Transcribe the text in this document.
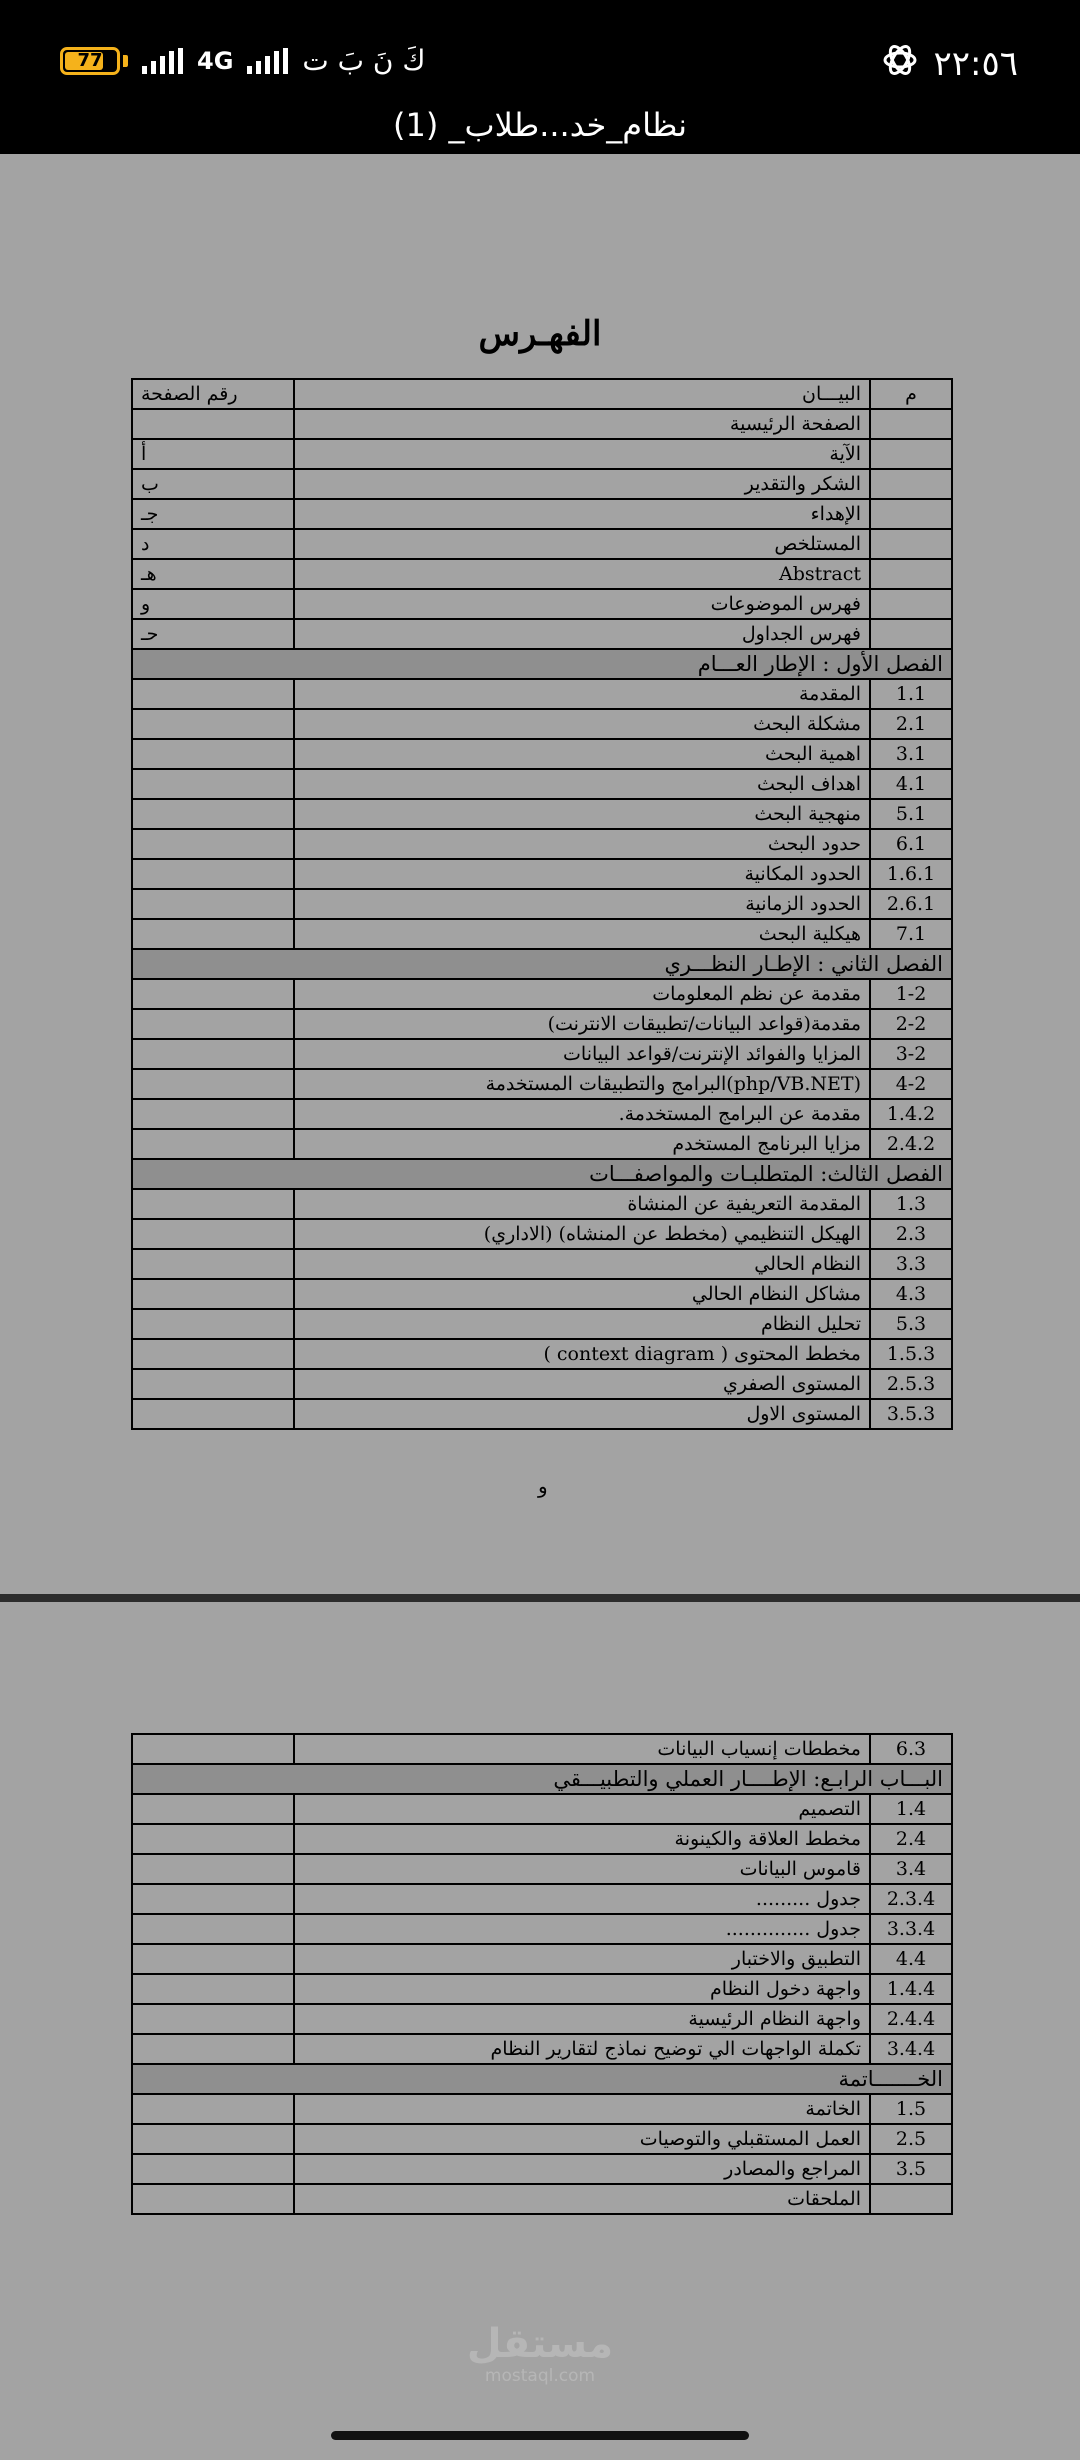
77	4G كَ نَ بَ ت	٢٢:٥٦
نظام_خد...طلاب_ (1)
الفهـرس
م	البيـــان	رقم الصفحة
	الصفحة الرئيسية	
	الآية	أ
	الشكر والتقدير	ب
	الإهداء	جـ
	المستلخص	د
	Abstract	هـ
	فهرس الموضوعات	و
	فهرس الجداول	حـ
الفصل الأول : الإطار العـــام		
1.1	المقدمة	
2.1	مشكلة البحث	
3.1	اهمية البحث	
4.1	اهداف البحث	
5.1	منهجية البحث	
6.1	حدود البحث	
1.6.1	الحدود المكانية	
2.6.1	الحدود الزمانية	
7.1	هيكلية البحث	
الفصل الثاني : الإطـار النظـــري		
1-2	مقدمة عن نظم المعلومات	
2-2	مقدمة(قواعد البيانات/تطبيقات الانترنت)	
3-2	المزايا والفوائد الإنترنت/قواعد البيانات	
4-2	(php/VB.NET)البرامج والتطبيقات المستخدمة	
1.4.2	مقدمة عن البرامج المستخدمة.	
2.4.2	مزايا البرنامج المستخدم	
الفصل الثالث: المتطلبـات والمواصفـــات		
1.3	المقدمة التعريفية عن المنشاة	
2.3	الهيكل التنظيمي (مخطط عن المنشاه) (الاداري)	
3.3	النظام الحالي	
4.3	مشاكل النظام الحالي	
5.3	تحليل النظام	
1.5.3	مخطط المحتوى ( context diagram )	
2.5.3	المستوى الصفري	
3.5.3	المستوى الاول	
و
6.3	مخططات إنسياب البيانات	
البـــاب الرابـع: الإطــــار العملي والتطبيـــقي		
1.4	التصميم	
2.4	مخطط العلاقة والكينونة	
3.4	قاموس البيانات	
2.3.4	جدول .........	
3.3.4	جدول ..............	
4.4	التطبيق والاختبار	
1.4.4	واجهة دخول النظام	
2.4.4	واجهة النظام الرئيسية	
3.4.4	تكملة الواجهات الي توضيح نماذج لتقارير النظام	
الخـــــــاتمة		
1.5	الخاتمة	
2.5	العمل المستقبلي والتوصيات	
3.5	المراجع والمصادر	
	الملحقات	
مستقل
mostaql.com
